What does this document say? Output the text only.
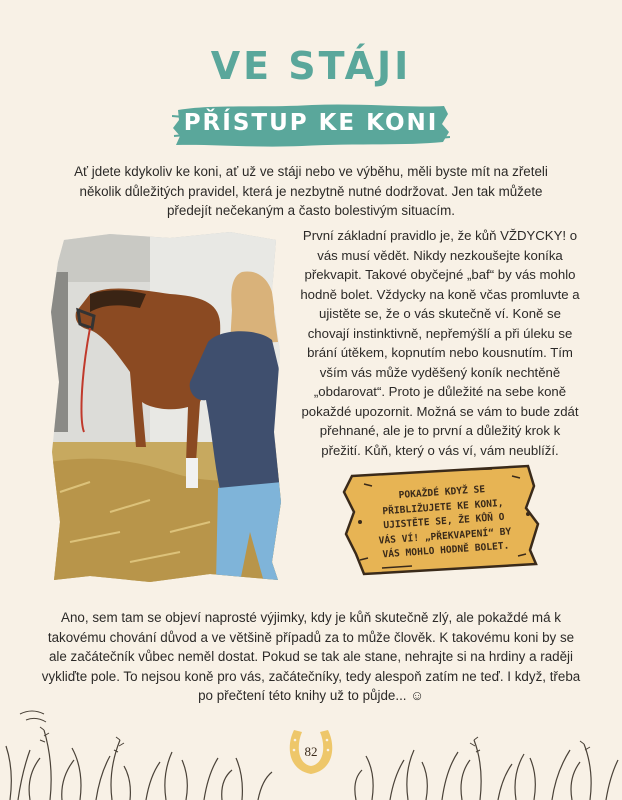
VE STÁJI
PŘÍSTUP KE KONI
Ať jdete kdykoliv ke koni, ať už ve stáji nebo ve výběhu, měli byste mít na zřeteli několik důležitých pravidel, která je nezbytně nutné dodržovat. Jen tak můžete předejít nečekaným a často bolestivým situacím.
První základní pravidlo je, že kůň VŽDYCKY! o vás musí vědět. Nikdy nezkoušejte koníka překvapit. Takové obyčejné „baf“ by vás mohlo hodně bolet. Vždycky na koně včas promluvte a ujistěte se, že o vás skutečně ví. Koně se chovají instinktivně, nepřemýšlí a při úleku se brání útěkem, kopnutím nebo kousnutím. Tím vším vás může vyděšený koník nechtěně „obdarovat“. Proto je důležité na sebe koně pokaždé upozornit. Možná se vám to bude zdát přehnané, ale je to první a důležitý krok k přežití. Kůň, který o vás ví, vám neublíží.
POKAŽDÉ KDYŽ SE PŘIBLIŽUJETE KE KONI, UJISTĚTE SE, ŽE KŮŇ O VÁS VÍ! „PŘEKVAPENÍ“ BY VÁS MOHLO HODNĚ BOLET.
Ano, sem tam se objeví naprosté výjimky, kdy je kůň skutečně zlý, ale pokaždé má k takovému chování důvod a ve většině případů za to může člověk. K takovému koni by se ale začátečník vůbec neměl dostat. Pokud se tak ale stane, nehrajte si na hrdiny a raději vykliďte pole. To nejsou koně pro vás, začátečníky, tedy alespoň zatím ne teď. I když, třeba po přečtení této knihy už to půjde... ☺
82
